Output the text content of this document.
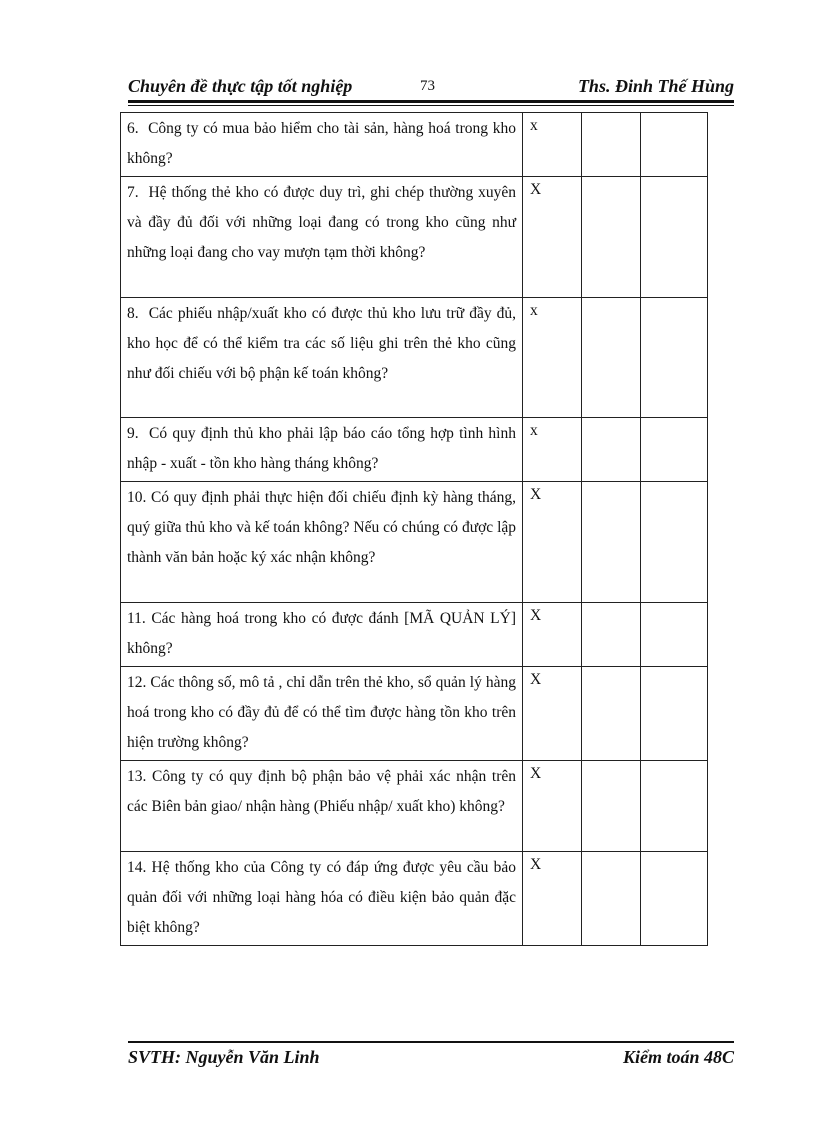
Chuyên đề thực tập tốt nghiệp	73	Ths. Đinh Thế Hùng
6.  Công ty có mua bảo hiểm cho tài sản, hàng hoá trong kho không?	x		
7.  Hệ thống thẻ kho có được duy trì, ghi chép thường xuyên và đầy đủ đối với những loại đang có trong kho cũng như những loại đang cho vay mượn tạm thời không?	X		
8.  Các phiếu nhập/xuất kho có được thủ kho lưu trữ đầy đủ, kho học để có thể kiểm tra các số liệu ghi trên thẻ kho cũng như đối chiếu với bộ phận kế toán không?	x		
9.  Có quy định thủ kho phải lập báo cáo tổng hợp tình hình nhập - xuất - tồn kho hàng tháng không?	x		
10. Có quy định phải thực hiện đối chiếu định kỳ hàng tháng, quý giữa thủ kho và kế toán không? Nếu có chúng có được lập thành văn bản hoặc ký xác nhận không?	X		
11. Các hàng hoá trong kho có được đánh [MÃ QUẢN LÝ] không?	X		
12. Các thông số, mô tả , chỉ dẫn trên thẻ kho, sổ quản lý hàng hoá trong kho có đầy đủ để có thể tìm được hàng tồn kho trên hiện trường không?	X		
13. Công ty có quy định bộ phận bảo vệ phải xác nhận trên các Biên bản giao/ nhận hàng (Phiếu nhập/ xuất kho) không?	X		
14. Hệ thống kho của Công ty có đáp ứng được yêu cầu bảo quản đối với những loại hàng hóa có điều kiện bảo quản đặc biệt không?	X		
SVTH: Nguyễn Văn Linh	Kiểm toán 48C
